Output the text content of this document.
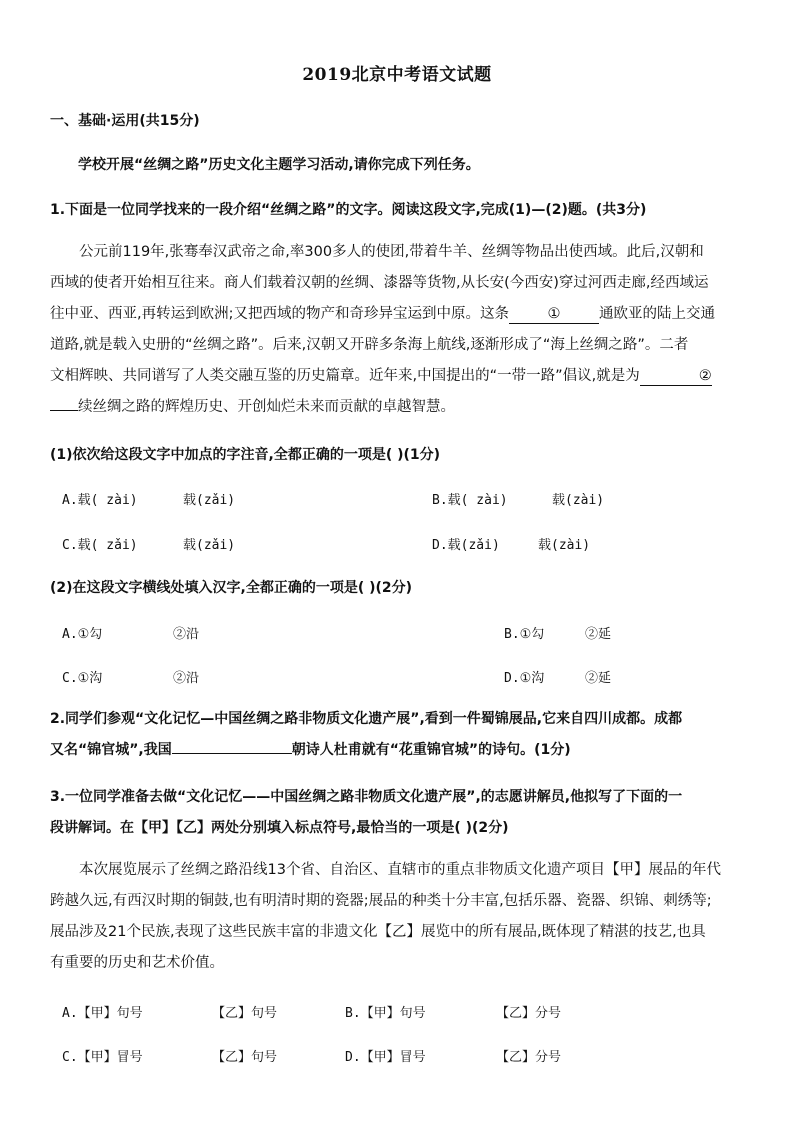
2019北京中考语文试题
一、基础·运用(共15分)
学校开展“丝绸之路”历史文化主题学习活动,请你完成下列任务。
1.下面是一位同学找来的一段介绍“丝绸之路”的文字。阅读这段文字,完成(1)—(2)题。(共3分)
公元前119年,张骞奉汉武帝之命,率300多人的使团,带着牛羊、丝绸等物品出使西域。此后,汉朝和
西域的使者开始相互往来。商人们载着汉朝的丝绸、漆器等货物,从长安(今西安)穿过河西走廊,经西域运
往中亚、西亚,再转运到欧洲;又把西域的物产和奇珍异宝运到中原。这条	①	通欧亚的陆上交通
道路,就是载入史册的“丝绸之路”。后来,汉朝又开辟多条海上航线,逐渐形成了“海上丝绸之路”。二者
文相辉映、共同谱写了人类交融互鉴的历史篇章。近年来,中国提出的“一带一路”倡议,就是为	②
续丝绸之路的辉煌历史、开创灿烂未来而贡献的卓越智慧。
(1)依次给这段文字中加点的字注音,全都正确的一项是( )(1分)
A.载( zài)	载(zǎi)	B.载( zài)	载(zài)
C.载( zǎi)	载(zǎi)	D.载(zǎi)	载(zài)
(2)在这段文字横线处填入汉字,全都正确的一项是( )(2分)
A.①勾	②沿	B.①勾	②延
C.①沟	②沿	D.①沟	②延
2.同学们参观“文化记忆—中国丝绸之路非物质文化遗产展”,看到一件蜀锦展品,它来自四川成都。成都
又名“锦官城”,我国	朝诗人杜甫就有“花重锦官城”的诗句。(1分)
3.一位同学准备去做“文化记忆——中国丝绸之路非物质文化遗产展”,的志愿讲解员,他拟写了下面的一
段讲解词。在【甲】【乙】两处分别填入标点符号,最恰当的一项是( )(2分)
本次展览展示了丝绸之路沿线13个省、自治区、直辖市的重点非物质文化遗产项目【甲】展品的年代
跨越久远,有西汉时期的铜鼓,也有明清时期的瓷器;展品的种类十分丰富,包括乐器、瓷器、织锦、刺绣等;
展品涉及21个民族,表现了这些民族丰富的非遗文化【乙】展览中的所有展品,既体现了精湛的技艺,也具
有重要的历史和艺术价值。
A.【甲】句号	【乙】句号	B.【甲】句号	【乙】分号
C.【甲】冒号	【乙】句号	D.【甲】冒号	【乙】分号
